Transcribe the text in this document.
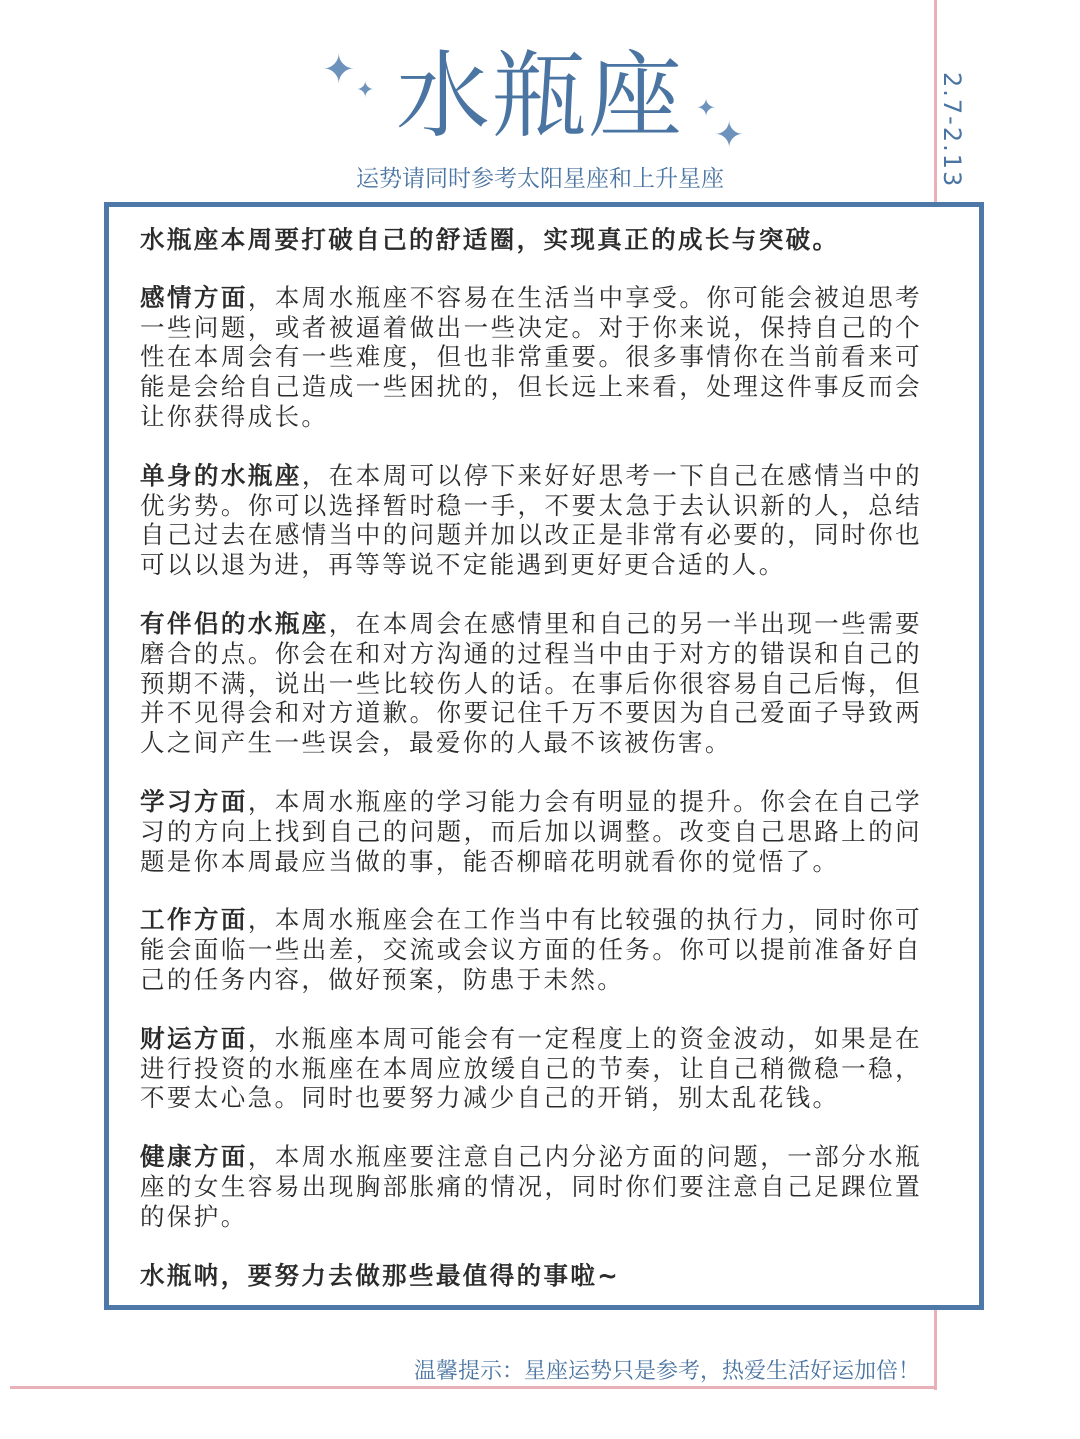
✦ ✦
✦
✦
水瓶座
运势请同时参考太阳星座和上升星座	2.7-2.13

水瓶座本周要打破自己的舒适圈，实现真正的成长与突破。

感情方面，本周水瓶座不容易在生活当中享受。你可能会被迫思考一些问题，或者被逼着做出一些决定。对于你来说，保持自己的个性在本周会有一些难度，但也非常重要。很多事情你在当前看来可能是会给自己造成一些困扰的，但长远上来看，处理这件事反而会让你获得成长。

单身的水瓶座，在本周可以停下来好好思考一下自己在感情当中的优劣势。你可以选择暂时稳一手，不要太急于去认识新的人，总结自己过去在感情当中的问题并加以改正是非常有必要的，同时你也可以以退为进，再等等说不定能遇到更好更合适的人。

有伴侣的水瓶座，在本周会在感情里和自己的另一半出现一些需要磨合的点。你会在和对方沟通的过程当中由于对方的错误和自己的预期不满，说出一些比较伤人的话。在事后你很容易自己后悔，但并不见得会和对方道歉。你要记住千万不要因为自己爱面子导致两人之间产生一些误会，最爱你的人最不该被伤害。

学习方面，本周水瓶座的学习能力会有明显的提升。你会在自己学习的方向上找到自己的问题，而后加以调整。改变自己思路上的问题是你本周最应当做的事，能否柳暗花明就看你的觉悟了。

工作方面，本周水瓶座会在工作当中有比较强的执行力，同时你可能会面临一些出差，交流或会议方面的任务。你可以提前准备好自己的任务内容，做好预案，防患于未然。

财运方面，水瓶座本周可能会有一定程度上的资金波动，如果是在进行投资的水瓶座在本周应放缓自己的节奏，让自己稍微稳一稳，不要太心急。同时也要努力减少自己的开销，别太乱花钱。

健康方面，本周水瓶座要注意自己内分泌方面的问题，一部分水瓶座的女生容易出现胸部胀痛的情况，同时你们要注意自己足踝位置的保护。

水瓶呐，要努力去做那些最值得的事啦~

温馨提示：星座运势只是参考，热爱生活好运加倍！
